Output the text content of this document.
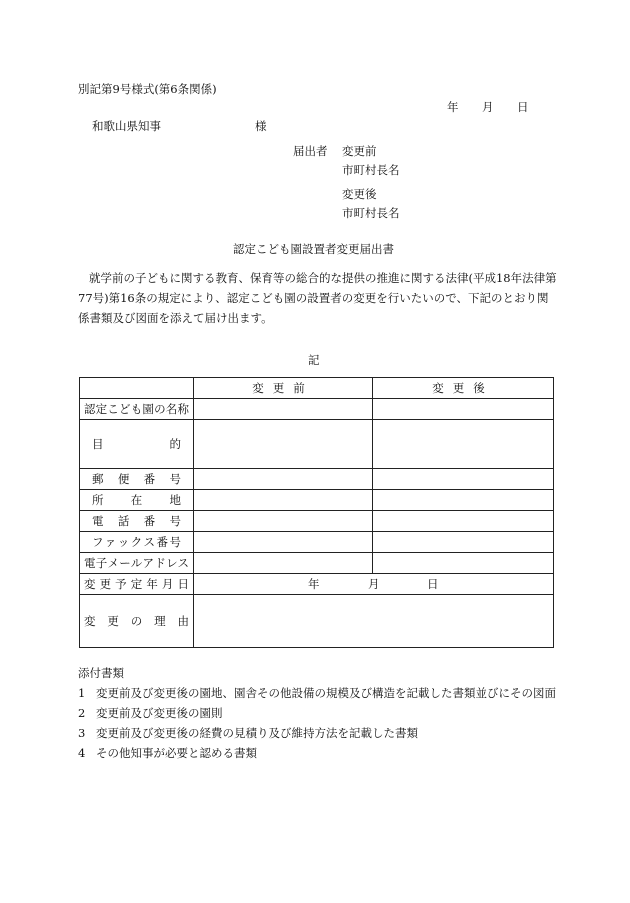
別記第9号様式(第6条関係)
年 月 日
和歌山県知事	様
届出者 変更前
市町村長名
変更後
市町村長名
認定こども園設置者変更届出書
就学前の子どもに関する教育、保育等の総合的な提供の推進に関する法律(平成18年法律第77号)第16条の規定により、認定こども園の設置者の変更を行いたいので、下記のとおり関係書類及び図面を添えて届け出ます。
記
	変更前	変更後
認定こども園の名称		
目的		
郵便番号		
所在地		
電話番号		
ファックス番号		
電子メールアドレス		
変更予定年月日	年 月 日	

変更の理由		
添付書類
1 変更前及び変更後の園地、園舎その他設備の規模及び構造を記載した書類並びにその図面
2 変更前及び変更後の園則
3 変更前及び変更後の経費の見積り及び維持方法を記載した書類
4 その他知事が必要と認める書類
